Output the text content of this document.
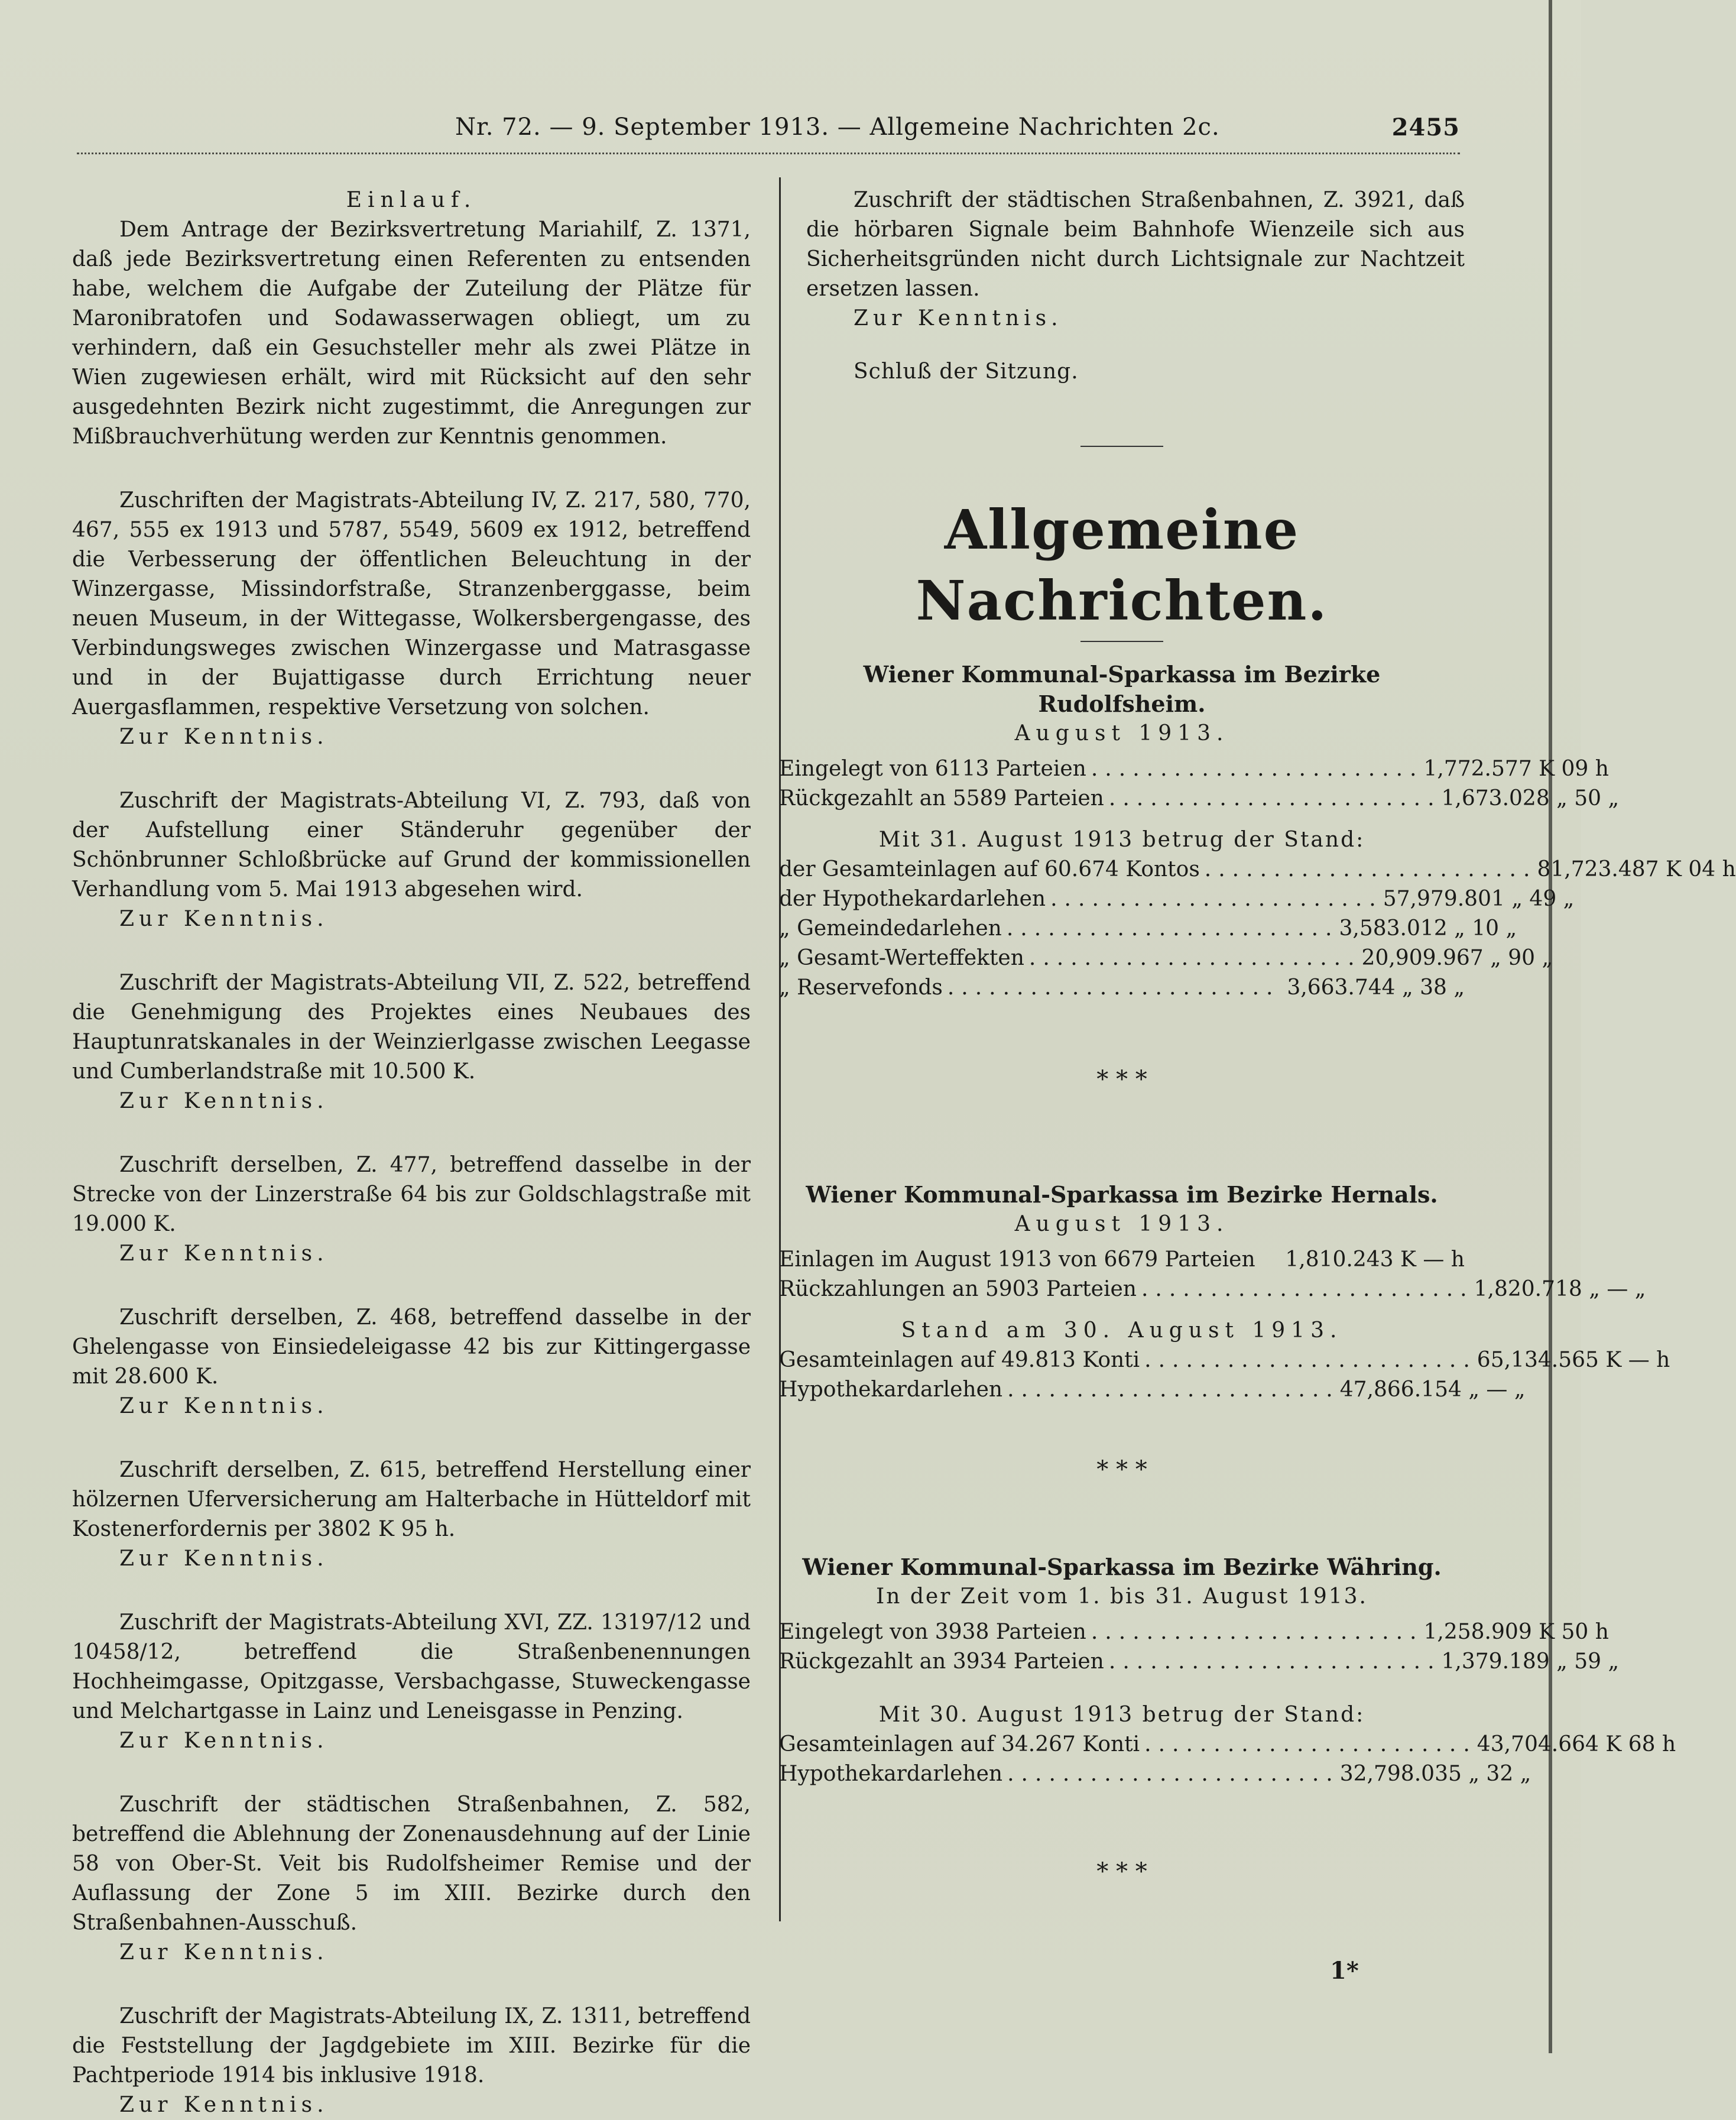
Nr. 72. — 9. September 1913. — Allgemeine Nachrichten 2c.	2455

Einlauf.

Dem Antrage der Bezirksvertretung Mariahilf, Z. 1371, daß jede Bezirksvertretung einen Referenten zu entsenden habe, welchem die Aufgabe der Zuteilung der Plätze für Maronibratofen und Sodawasserwagen obliegt, um zu verhindern, daß ein Gesuchsteller mehr als zwei Plätze in Wien zugewiesen erhält, wird mit Rücksicht auf den sehr ausgedehnten Bezirk nicht zugestimmt, die Anregungen zur Mißbrauchverhütung werden zur Kenntnis genommen.

Zuschriften der Magistrats-Abteilung IV, Z. 217, 580, 770, 467, 555 ex 1913 und 5787, 5549, 5609 ex 1912, betreffend die Verbesserung der öffentlichen Beleuchtung in der Winzergasse, Missindorfstraße, Stranzenberggasse, beim neuen Museum, in der Wittegasse, Wolkersbergengasse, des Verbindungsweges zwischen Winzergasse und Matrasgasse und in der Bujattigasse durch Errichtung neuer Auergasflammen, respektive Versetzung von solchen.

Zur Kenntnis.

Zuschrift der Magistrats-Abteilung VI, Z. 793, daß von der Aufstellung einer Ständeruhr gegenüber der Schönbrunner Schloßbrücke auf Grund der kommissionellen Verhandlung vom 5. Mai 1913 abgesehen wird.

Zur Kenntnis.

Zuschrift der Magistrats-Abteilung VII, Z. 522, betreffend die Genehmigung des Projektes eines Neubaues des Hauptunratskanales in der Weinzierlgasse zwischen Leegasse und Cumberlandstraße mit 10.500 K.

Zur Kenntnis.

Zuschrift derselben, Z. 477, betreffend dasselbe in der Strecke von der Linzerstraße 64 bis zur Goldschlagstraße mit 19.000 K.

Zur Kenntnis.

Zuschrift derselben, Z. 468, betreffend dasselbe in der Ghelengasse von Einsiedeleigasse 42 bis zur Kittingergasse mit 28.600 K.

Zur Kenntnis.

Zuschrift derselben, Z. 615, betreffend Herstellung einer hölzernen Uferversicherung am Halterbache in Hütteldorf mit Kostenerfordernis per 3802 K 95 h.

Zur Kenntnis.

Zuschrift der Magistrats-Abteilung XVI, ZZ. 13197/12 und 10458/12, betreffend die Straßenbenennungen Hochheimgasse, Opitzgasse, Versbachgasse, Stuweckengasse und Melchartgasse in Lainz und Leneisgasse in Penzing.

Zur Kenntnis.

Zuschrift der städtischen Straßenbahnen, Z. 582, betreffend die Ablehnung der Zonenausdehnung auf der Linie 58 von Ober-St. Veit bis Rudolfsheimer Remise und der Auflassung der Zone 5 im XIII. Bezirke durch den Straßenbahnen-Ausschuß.

Zur Kenntnis.

Zuschrift der Magistrats-Abteilung IX, Z. 1311, betreffend die Feststellung der Jagdgebiete im XIII. Bezirke für die Pachtperiode 1914 bis inklusive 1918.

Zur Kenntnis.

Zuschrift der städtischen Straßenbahnen, Z. 3921, daß die hörbaren Signale beim Bahnhofe Wienzeile sich aus Sicherheitsgründen nicht durch Lichtsignale zur Nachtzeit ersetzen lassen.

Zur Kenntnis.

Schluß der Sitzung.

Allgemeine Nachrichten.

Wiener Kommunal-Sparkassa im Bezirke Rudolfsheim.

August 1913.

Eingelegt von 6113 Parteien ........................ 1,772.577 K 09 h

Rückgezahlt an 5589 Parteien ........................ 1,673.028 „ 50 „

Mit 31. August 1913 betrug der Stand:

der Gesamteinlagen auf 60.674 Kontos ........................ 81,723.487 K 04 h

der Hypothekardarlehen ........................ 57,979.801 „ 49 „

„ Gemeindedarlehen ........................ 3,583.012 „ 10 „

„ Gesamt-Werteffekten ........................ 20,909.967 „ 90 „

„ Reservefonds ........................ 3,663.744 „ 38 „

* * *

Wiener Kommunal-Sparkassa im Bezirke Hernals.

August 1913.

Einlagen im August 1913 von 6679 Parteien 1,810.243 K — h

Rückzahlungen an 5903 Parteien ........................ 1,820.718 „ — „

Stand am 30. August 1913.

Gesamteinlagen auf 49.813 Konti ........................ 65,134.565 K — h

Hypothekardarlehen ........................ 47,866.154 „ — „

* * *

Wiener Kommunal-Sparkassa im Bezirke Währing.

In der Zeit vom 1. bis 31. August 1913.

Eingelegt von 3938 Parteien ........................ 1,258.909 K 50 h

Rückgezahlt an 3934 Parteien ........................ 1,379.189 „ 59 „

Mit 30. August 1913 betrug der Stand:

Gesamteinlagen auf 34.267 Konti ........................ 43,704.664 K 68 h

Hypothekardarlehen ........................ 32,798.035 „ 32 „

* * *

1*
